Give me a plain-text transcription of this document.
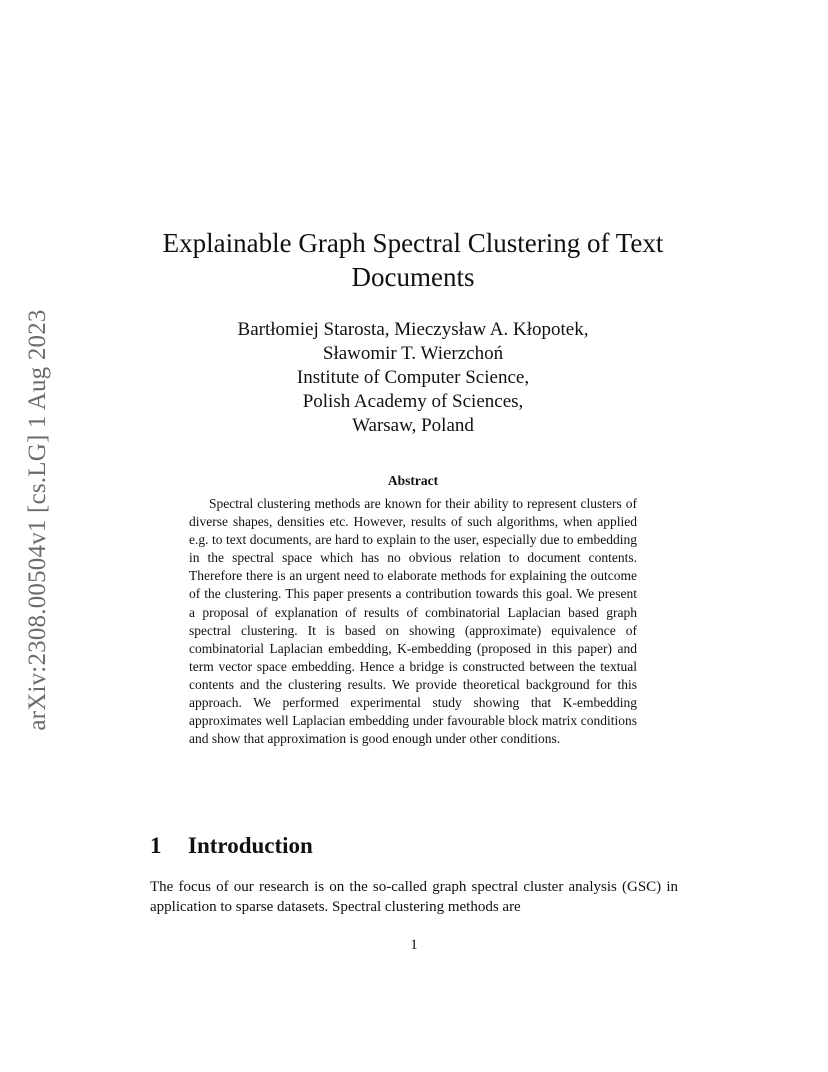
arXiv:2308.00504v1 [cs.LG] 1 Aug 2023
Explainable Graph Spectral Clustering of Text Documents
Bartłomiej Starosta, Mieczysław A. Kłopotek,
Sławomir T. Wierzchoń
Institute of Computer Science,
Polish Academy of Sciences,
Warsaw, Poland
Abstract

Spectral clustering methods are known for their ability to represent clusters of diverse shapes, densities etc. However, results of such algorithms, when applied e.g. to text documents, are hard to explain to the user, especially due to embedding in the spectral space which has no obvious relation to document contents. Therefore there is an urgent need to elaborate methods for explaining the outcome of the clustering. This paper presents a contribution towards this goal. We present a proposal of explanation of results of combinatorial Laplacian based graph spectral clustering. It is based on showing (approximate) equivalence of combinatorial Laplacian embedding, K-embedding (proposed in this paper) and term vector space embedding. Hence a bridge is constructed between the textual contents and the clustering results. We provide theoretical background for this approach. We performed experimental study showing that K-embedding approximates well Laplacian embedding under favourable block matrix conditions and show that approximation is good enough under other conditions.

1 Introduction

The focus of our research is on the so-called graph spectral cluster analysis (GSC) in application to sparse datasets. Spectral clustering methods are

1
